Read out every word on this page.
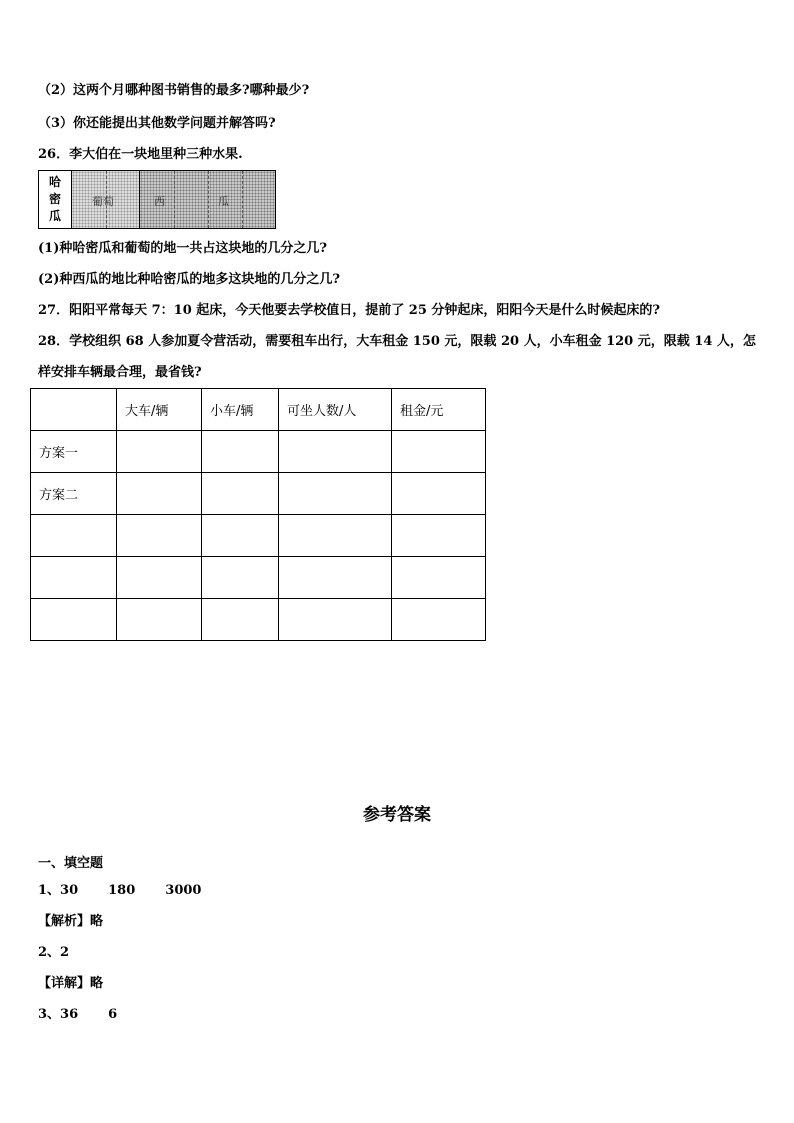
（2）这两个月哪种图书销售的最多?哪种最少?
（3）你还能提出其他数学问题并解答吗?
26．李大伯在一块地里种三种水果.
哈密瓜
葡萄	西	瓜
(1)种哈密瓜和葡萄的地一共占这块地的几分之几?
(2)种西瓜的地比种哈密瓜的地多这块地的几分之几?
27．阳阳平常每天 7：10 起床，今天他要去学校值日，提前了 25 分钟起床，阳阳今天是什么时候起床的?
28．学校组织 68 人参加夏令营活动，需要租车出行，大车租金 150 元，限载 20 人，小车租金 120 元，限载 14 人，怎样安排车辆最合理，最省钱?
	大车/辆	小车/辆	可坐人数/人	租金/元
方案一				
方案二				

参考答案
一、填空题
1、30 180 3000
【解析】略
2、2
【详解】略
3、36 6
